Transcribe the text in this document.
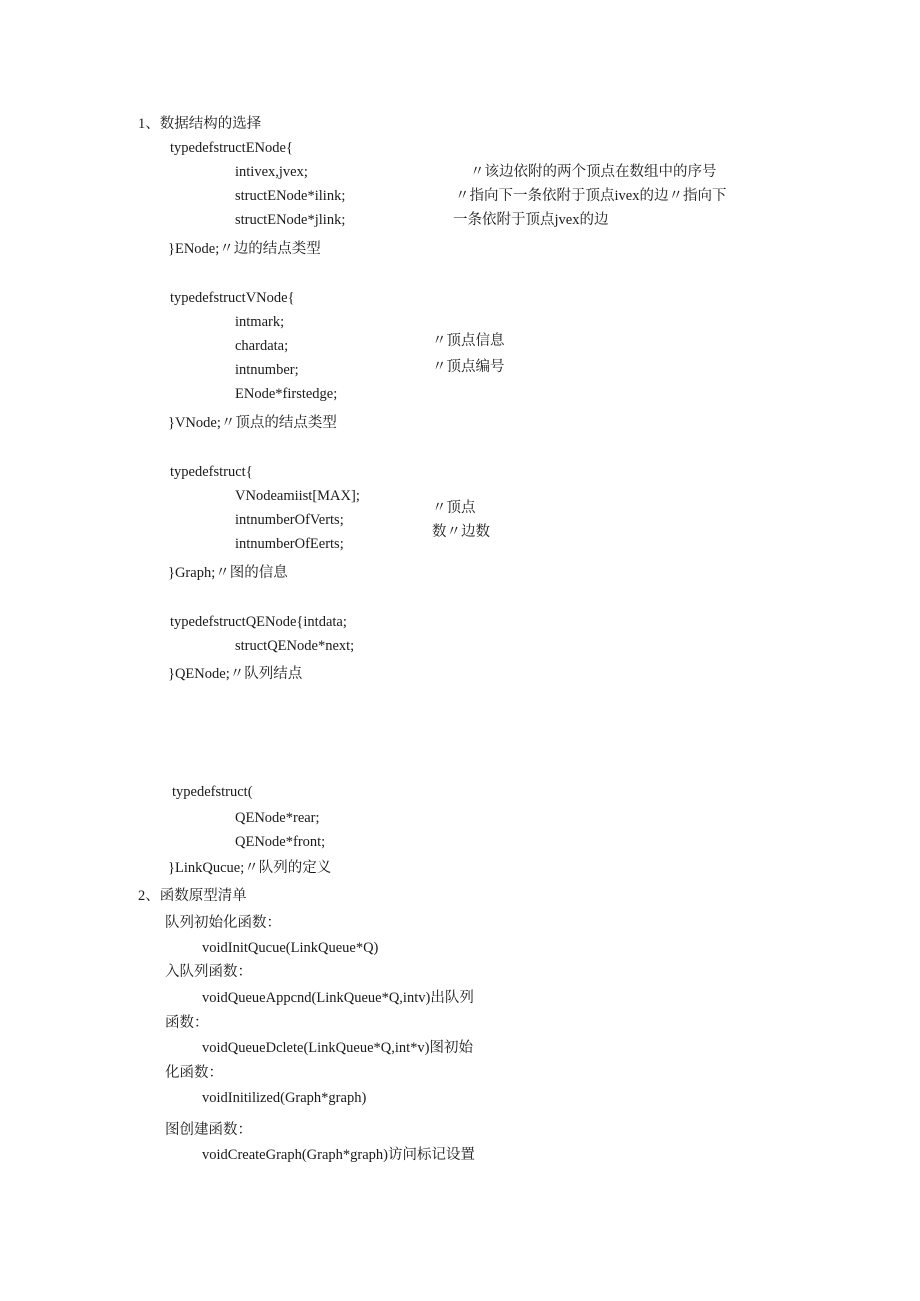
1、数据结构的选择
typedefstructENode{
intivex,jvex;
structENode*ilink;
structENode*jlink;
〃该边依附的两个顶点在数组中的序号
〃指向下一条依附于顶点ivex的边〃指向下
一条依附于顶点jvex的边
}ENode;〃边的结点类型
typedefstructVNode{
intmark;
chardata;
intnumber;
ENode*firstedge;
〃顶点信息
〃顶点编号
}VNode;〃顶点的结点类型
typedefstruct{
VNodeamiist[MAX];
intnumberOfVerts;
intnumberOfEerts;
〃顶点
数〃边数
}Graph;〃图的信息
typedefstructQENode{intdata;
structQENode*next;
}QENode;〃队列结点
typedefstruct(
QENode*rear;
QENode*front;
}LinkQucue;〃队列的定义
2、函数原型清单
队列初始化函数：
voidInitQucue(LinkQueue*Q)
入队列函数：
voidQueueAppcnd(LinkQueue*Q,intv)出队列
函数：
voidQueueDclete(LinkQueue*Q,int*v)图初始
化函数：
voidInitilized(Graph*graph)
图创建函数：
voidCreateGraph(Graph*graph)访问标记设置
